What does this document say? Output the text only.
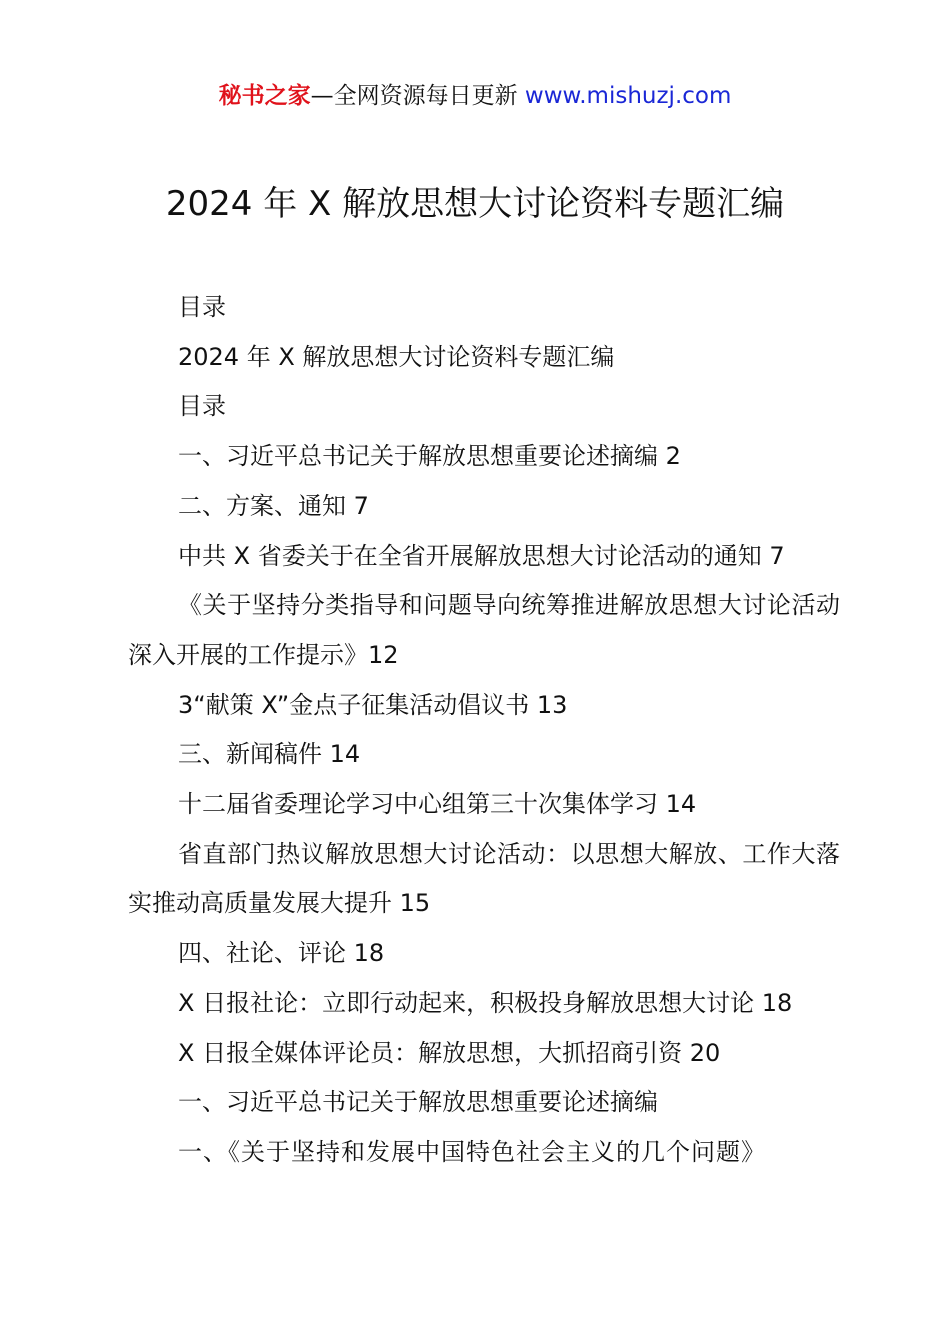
秘书之家—全网资源每日更新 www.mishuzj.com
2024 年 X 解放思想大讨论资料专题汇编

目录

2024 年 X 解放思想大讨论资料专题汇编

目录

一、习近平总书记关于解放思想重要论述摘编 2

二、方案、通知 7

中共 X 省委关于在全省开展解放思想大讨论活动的通知 7

《关于坚持分类指导和问题导向统筹推进解放思想大讨论活动深入开展的工作提示》12

3“献策 X”金点子征集活动倡议书 13

三、新闻稿件 14

十二届省委理论学习中心组第三十次集体学习 14

省直部门热议解放思想大讨论活动：以思想大解放、工作大落实推动高质量发展大提升 15

四、社论、评论 18

X 日报社论：立即行动起来，积极投身解放思想大讨论 18

X 日报全媒体评论员：解放思想，大抓招商引资 20

一、习近平总书记关于解放思想重要论述摘编

一、《关于坚持和发展中国特色社会主义的几个问题》
